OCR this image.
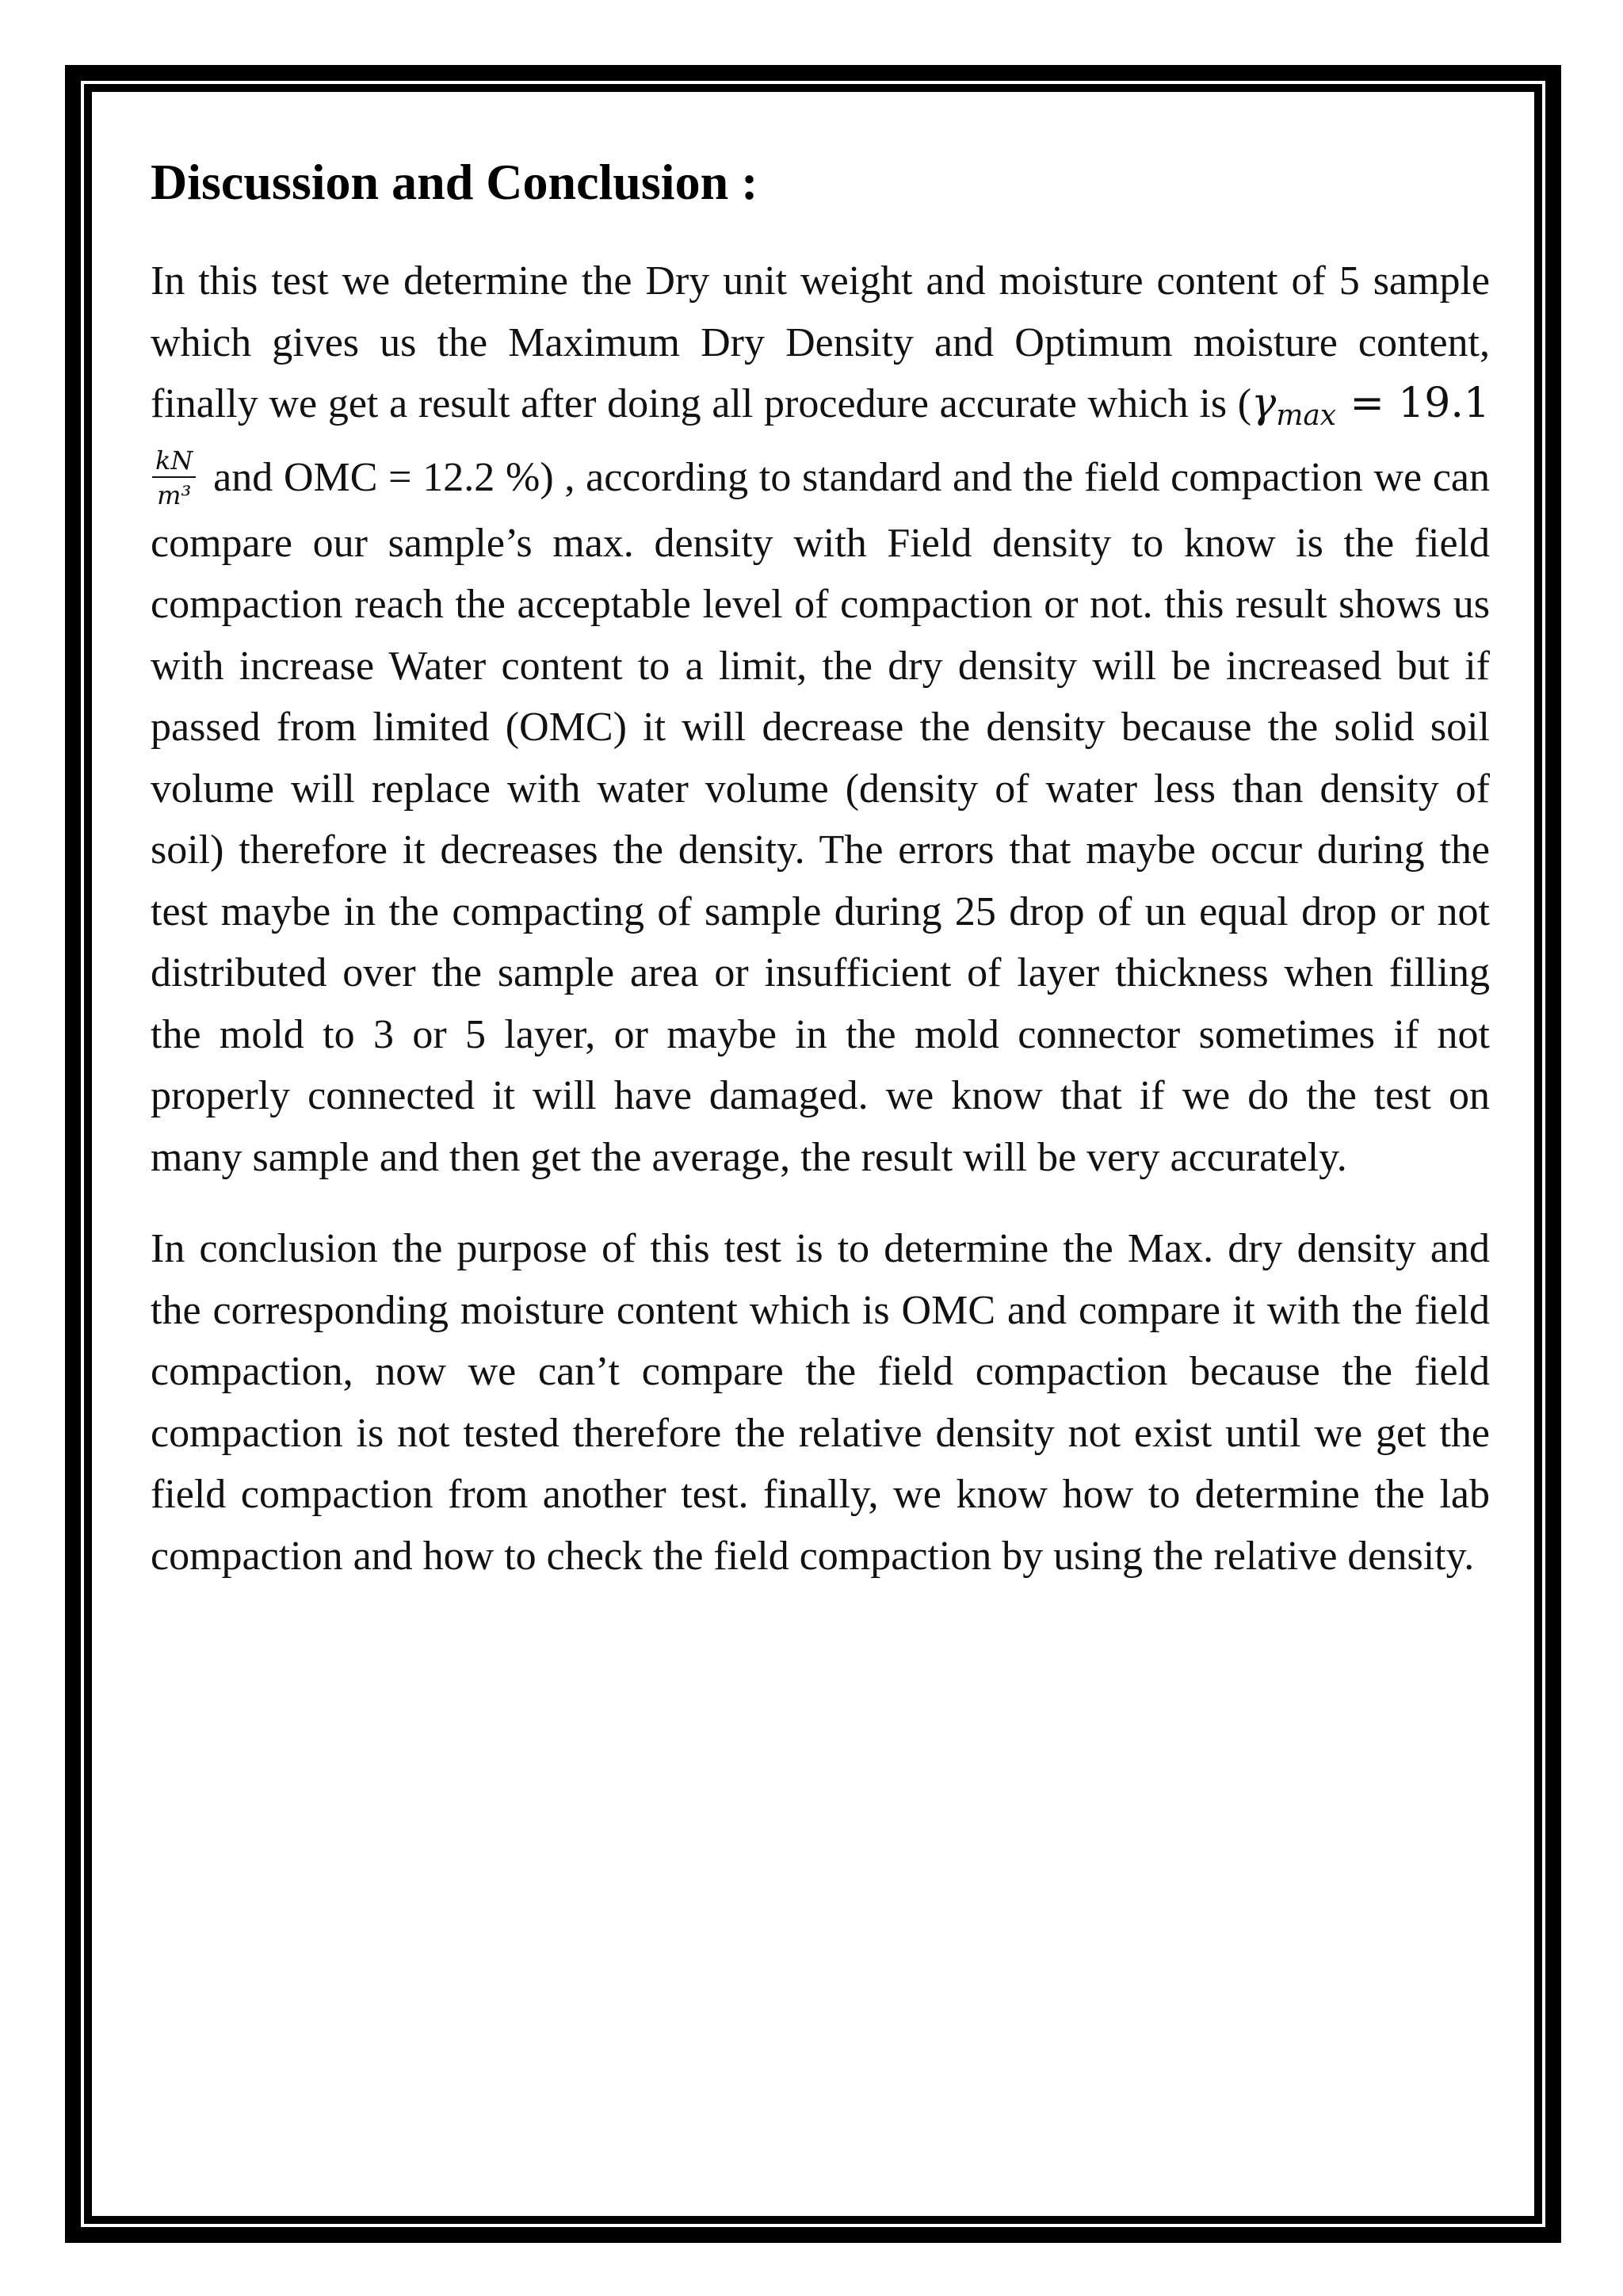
Discussion and Conclusion :

In this test we determine the Dry unit weight and moisture content of 5 sample which gives us the Maximum Dry Density and Optimum moisture content, finally we get a result after doing all procedure accurate which is (γmax = 19.1
$\frac{kN}{\text{m³}}$ and OMC = 12.2 %) , according to standard and the field compaction we can compare our sample’s max. density with Field density to know is the field compaction reach the acceptable level of compaction or not. this result shows us with increase Water content to a limit, the dry density will be increased but if passed from limited (OMC) it will decrease the density because the solid soil volume will replace with water volume (density of water less than density of soil) therefore it decreases the density. The errors that maybe occur during the test maybe in the compacting of sample during 25 drop of un equal drop or not distributed over the sample area or insufficient of layer thickness when filling the mold to 3 or 5 layer, or maybe in the mold connector sometimes if not properly connected it will have damaged. we know that if we do the test on many sample and then get the average, the result will be very accurately.

In conclusion the purpose of this test is to determine the Max. dry density and the corresponding moisture content which is OMC and compare it with the field compaction, now we can’t compare the field compaction because the field compaction is not tested therefore the relative density not exist until we get the field compaction from another test. finally, we know how to determine the lab compaction and how to check the field compaction by using the relative density.
